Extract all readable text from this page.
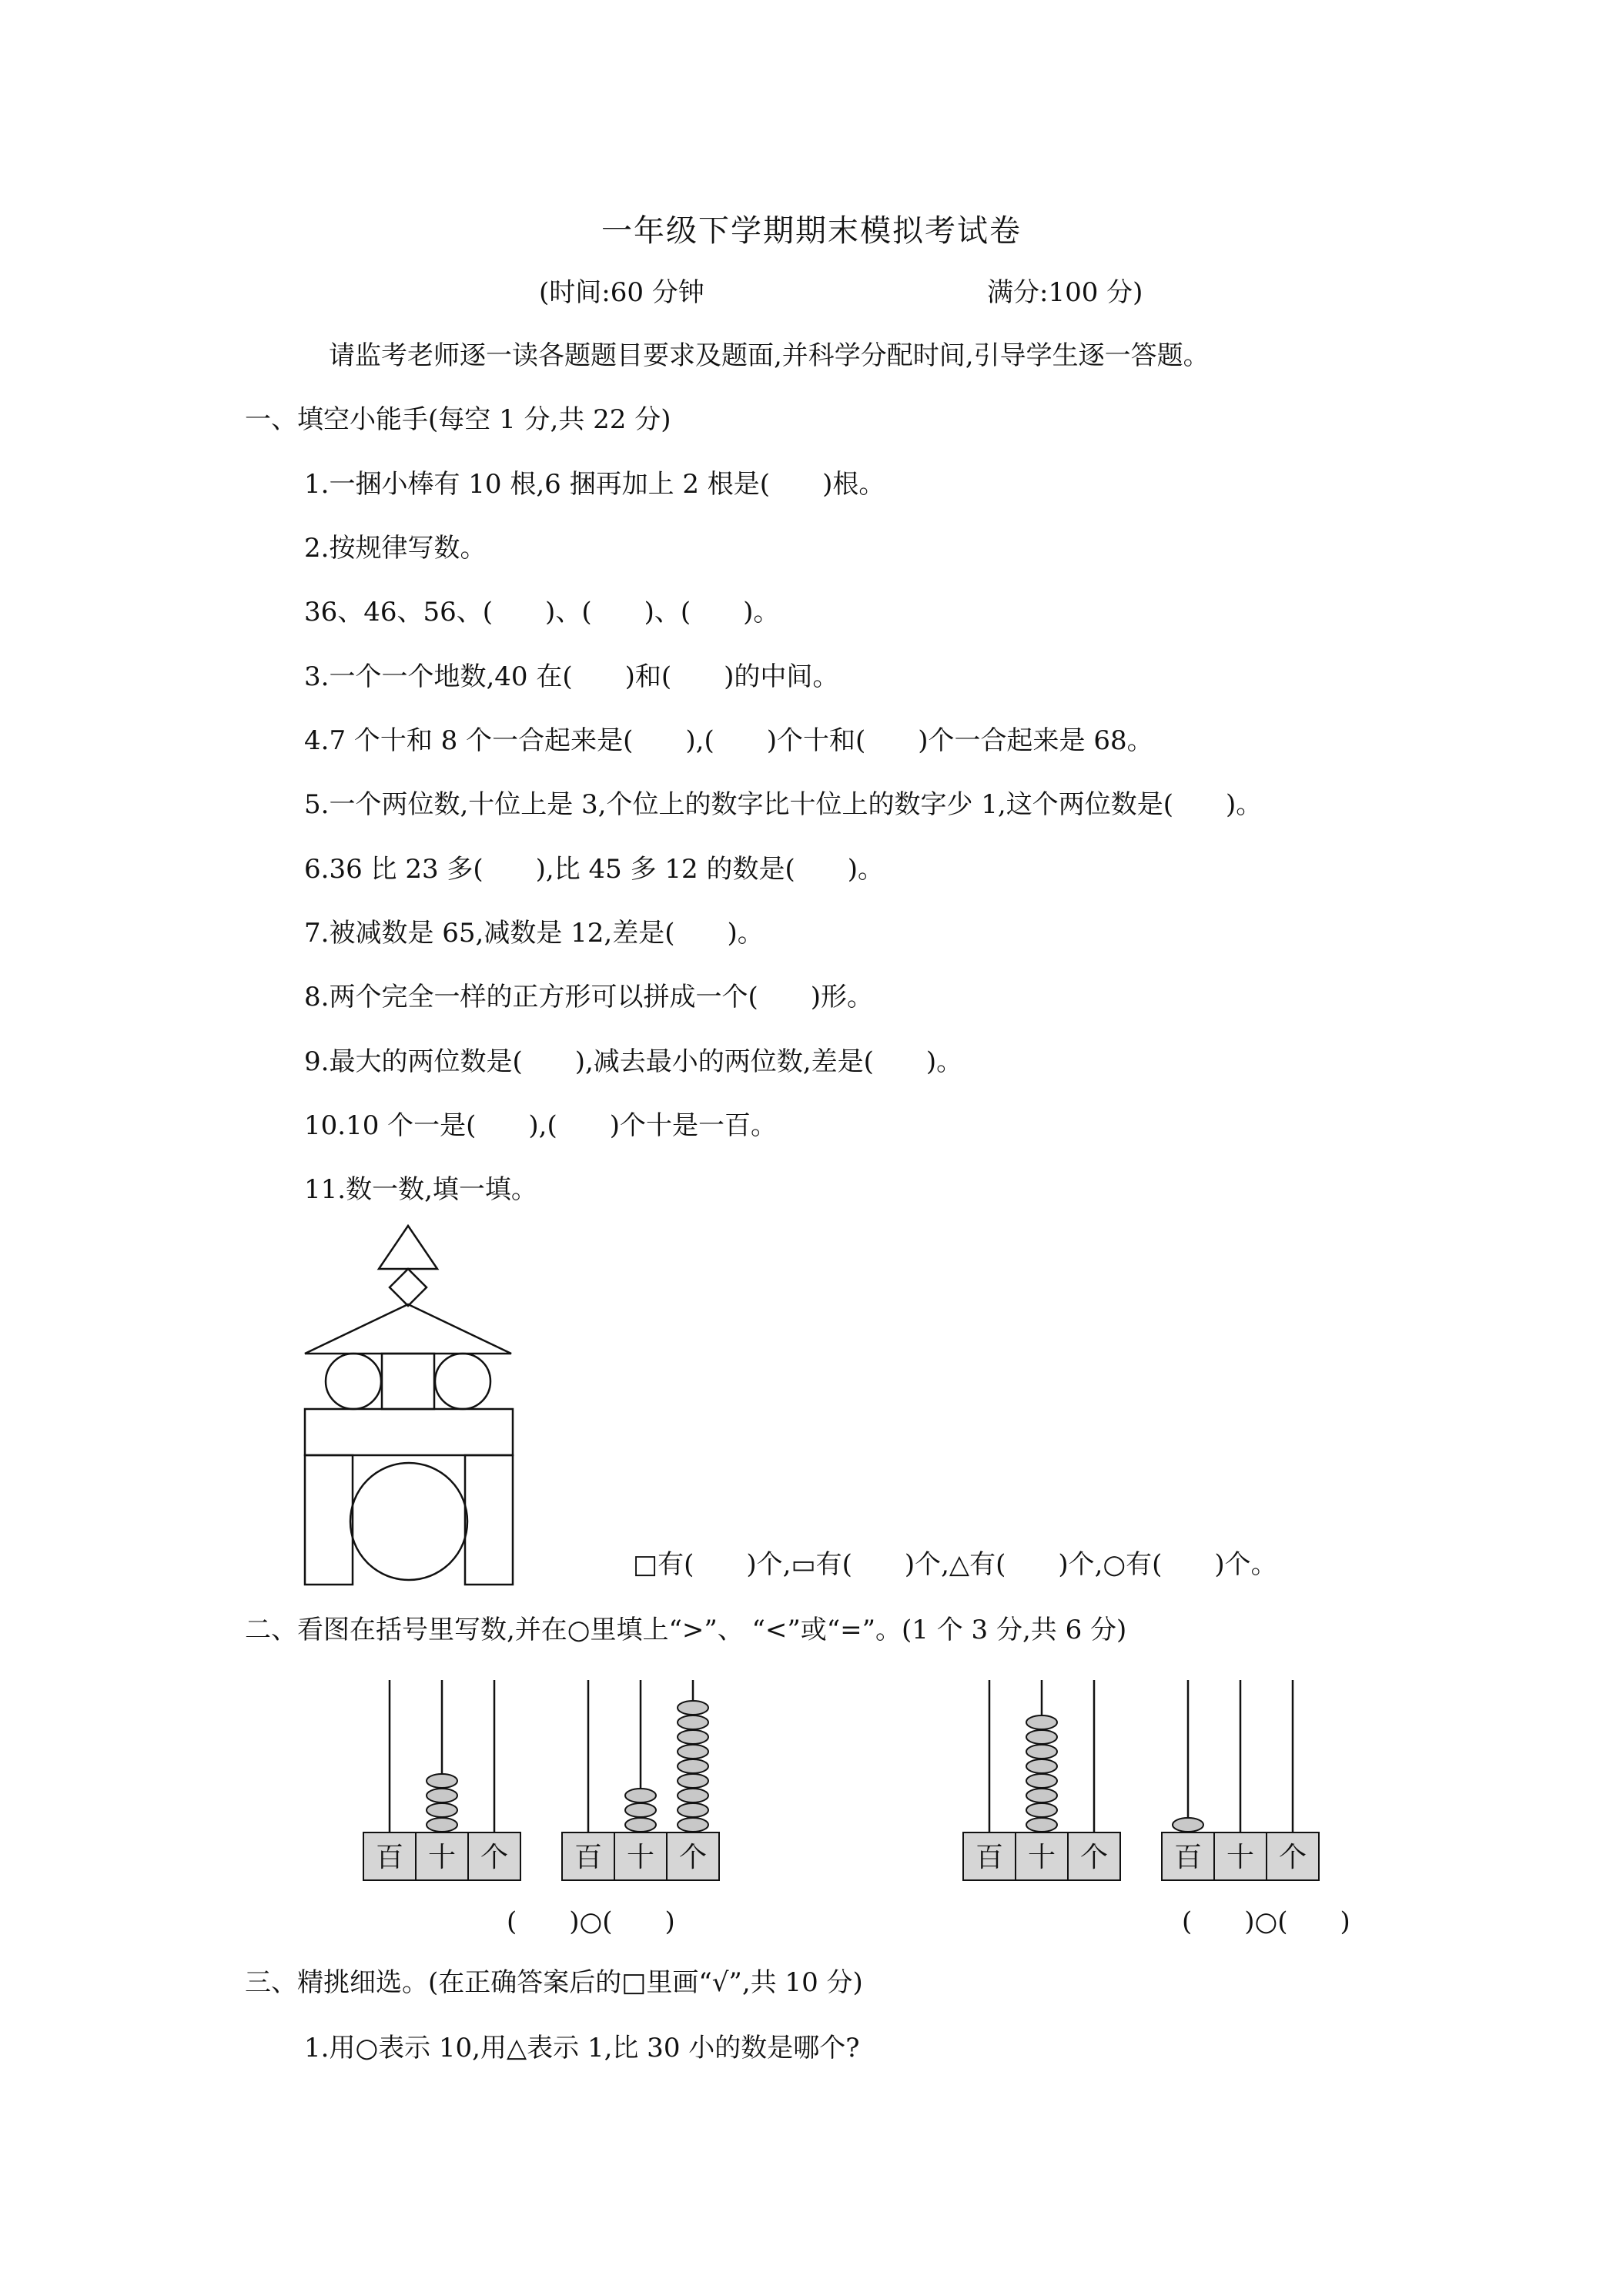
一年级下学期期末模拟考试卷
(时间:60 分钟	满分:100 分)
请监考老师逐一读各题题目要求及题面,并科学分配时间,引导学生逐一答题。
一、填空小能手(每空 1 分,共 22 分)
1.一捆小棒有 10 根,6 捆再加上 2 根是(　　)根。
2.按规律写数。
36、46、56、(　　)、(　　)、(　　)。
3.一个一个地数,40 在(　　)和(　　)的中间。
4.7 个十和 8 个一合起来是(　　),(　　)个十和(　　)个一合起来是 68。
5.一个两位数,十位上是 3,个位上的数字比十位上的数字少 1,这个两位数是(　　)。
6.36 比 23 多(　　),比 45 多 12 的数是(　　)。
7.被减数是 65,减数是 12,差是(　　)。
8.两个完全一样的正方形可以拼成一个(　　)形。
9.最大的两位数是(　　),减去最小的两位数,差是(　　)。
10.10 个一是(　　),(　　)个十是一百。
11.数一数,填一填。
□有(　　)个,▭有(　　)个,△有(　　)个,○有(　　)个。
二、看图在括号里写数,并在○里填上“>”、 “<”或“=”。(1 个 3 分,共 6 分)
百 十 个 百 十 个	百 十 个 百 十 个
(　　)○(　　)	(　　)○(　　)
三、精挑细选。(在正确答案后的□里画“√”,共 10 分)
1.用○表示 10,用△表示 1,比 30 小的数是哪个?
